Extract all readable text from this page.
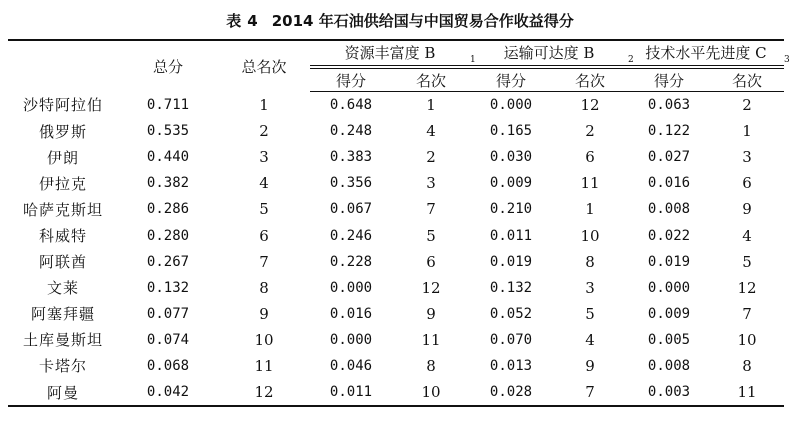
表 4 2014 年石油供给国与中国贸易合作收益得分
	总分	总名次	资源丰富度 B $_1$		运输可达度 B $_2$		技术水平先进度 C $_3$
			得分	名次	得分	名次	得分	名次
沙特阿拉伯	0.711	1	0.648	1	0.000	12	0.063	2
俄罗斯	0.535	2	0.248	4	0.165	2	0.122	1
伊朗	0.440	3	0.383	2	0.030	6	0.027	3
伊拉克	0.382	4	0.356	3	0.009	11	0.016	6
哈萨克斯坦	0.286	5	0.067	7	0.210	1	0.008	9
科威特	0.280	6	0.246	5	0.011	10	0.022	4
阿联酋	0.267	7	0.228	6	0.019	8	0.019	5
文莱	0.132	8	0.000	12	0.132	3	0.000	12
阿塞拜疆	0.077	9	0.016	9	0.052	5	0.009	7
土库曼斯坦	0.074	10	0.000	11	0.070	4	0.005	10
卡塔尔	0.068	11	0.046	8	0.013	9	0.008	8
阿曼	0.042	12	0.011	10	0.028	7	0.003	11
